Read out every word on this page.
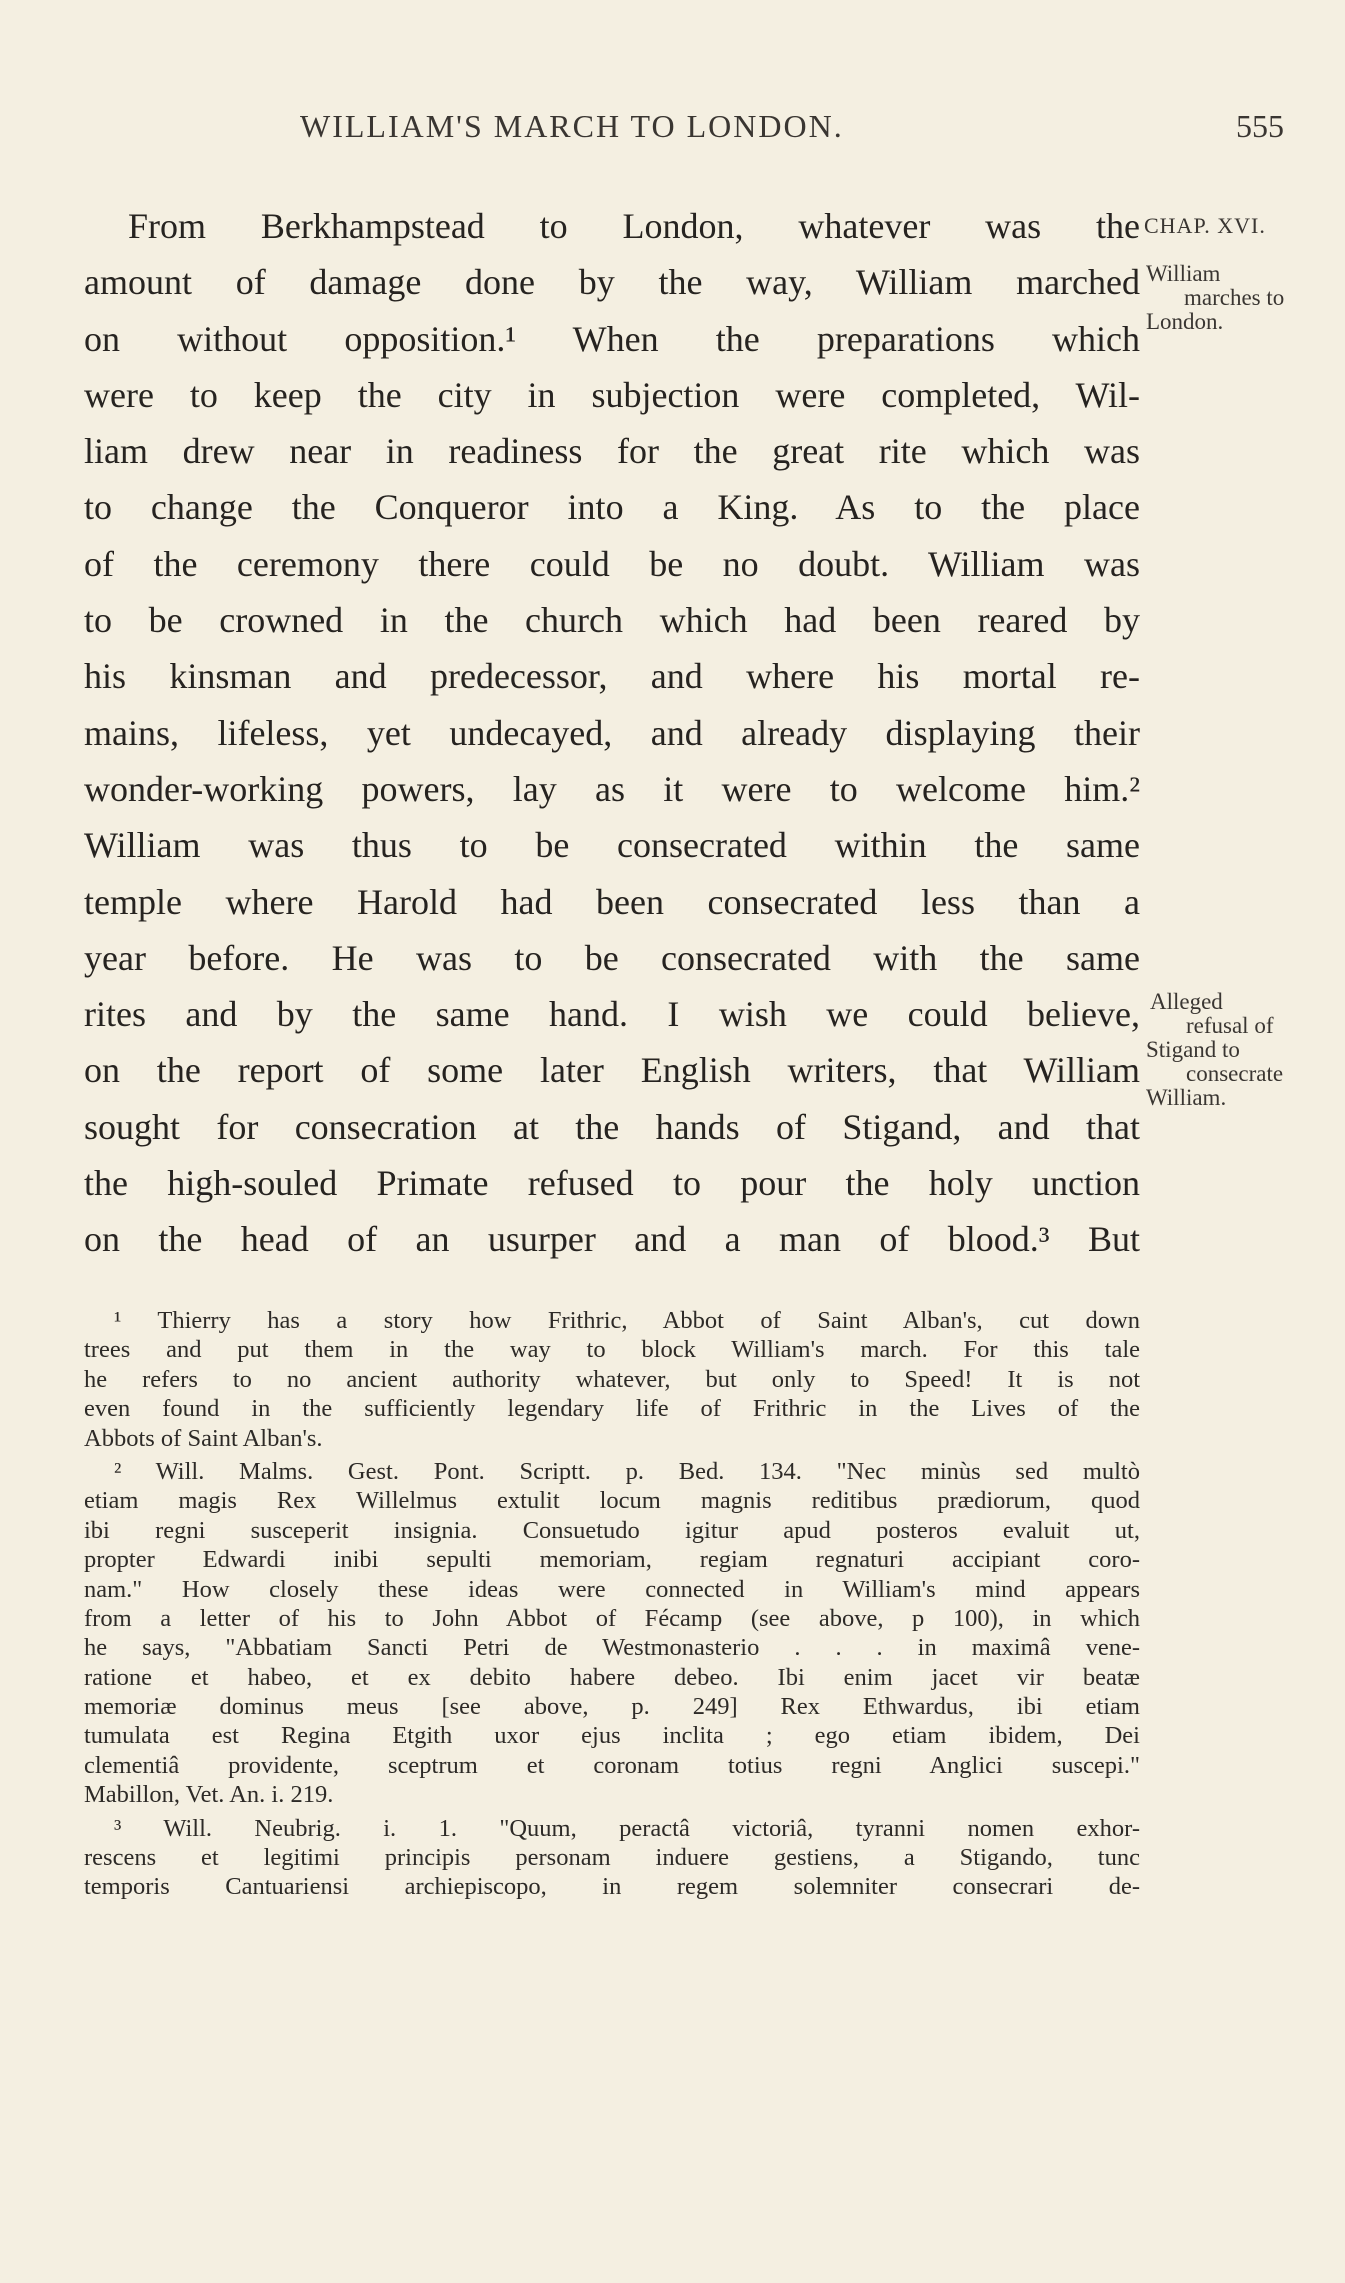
WILLIAM'S MARCH TO LONDON.	555
From Berkhampstead to London, whatever was the
amount of damage done by the way, William marched
on without opposition.¹ When the preparations which
were to keep the city in subjection were completed, Wil-
liam drew near in readiness for the great rite which was
to change the Conqueror into a King. As to the place
of the ceremony there could be no doubt. William was
to be crowned in the church which had been reared by
his kinsman and predecessor, and where his mortal re-
mains, lifeless, yet undecayed, and already displaying their
wonder-working powers, lay as it were to welcome him.²
William was thus to be consecrated within the same
temple where Harold had been consecrated less than a
year before. He was to be consecrated with the same
rites and by the same hand. I wish we could believe,
on the report of some later English writers, that William
sought for consecration at the hands of Stigand, and that
the high-souled Primate refused to pour the holy unction
on the head of an usurper and a man of blood.³ But
CHAP. XVI.
William
marches to
London.
Alleged
refusal of
Stigand to
consecrate
William.
¹ Thierry has a story how Frithric, Abbot of Saint Alban's, cut down
trees and put them in the way to block William's march. For this tale
he refers to no ancient authority whatever, but only to Speed! It is not
even found in the sufficiently legendary life of Frithric in the Lives of the
Abbots of Saint Alban's.
² Will. Malms. Gest. Pont. Scriptt. p. Bed. 134. "Nec minùs sed multò
etiam magis Rex Willelmus extulit locum magnis reditibus prædiorum, quod
ibi regni susceperit insignia. Consuetudo igitur apud posteros evaluit ut,
propter Edwardi inibi sepulti memoriam, regiam regnaturi accipiant coro-
nam." How closely these ideas were connected in William's mind appears
from a letter of his to John Abbot of Fécamp (see above, p 100), in which
he says, "Abbatiam Sancti Petri de Westmonasterio . . . in maximâ vene-
ratione et habeo, et ex debito habere debeo. Ibi enim jacet vir beatæ
memoriæ dominus meus [see above, p. 249] Rex Ethwardus, ibi etiam
tumulata est Regina Etgith uxor ejus inclita ; ego etiam ibidem, Dei
clementiâ providente, sceptrum et coronam totius regni Anglici suscepi."
Mabillon, Vet. An. i. 219.
³ Will. Neubrig. i. 1. "Quum, peractâ victoriâ, tyranni nomen exhor-
rescens et legitimi principis personam induere gestiens, a Stigando, tunc
temporis Cantuariensi archiepiscopo, in regem solemniter consecrari de-
